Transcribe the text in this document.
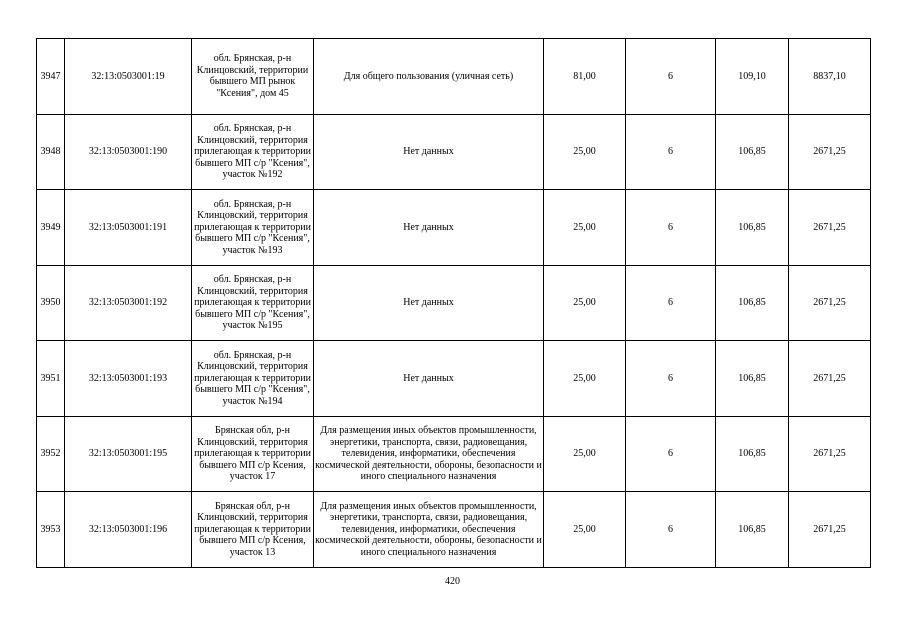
3947	32:13:0503001:19	обл. Брянская, р-н Клинцовский, территории бывшего МП рынок "Ксения", дом 45	Для общего пользования (уличная сеть)	81,00	6	109,10	8837,10
3948	32:13:0503001:190	обл. Брянская, р-н Клинцовский, территория прилегающая к территории бывшего МП с/р "Ксения", участок №192	Нет данных	25,00	6	106,85	2671,25
3949	32:13:0503001:191	обл. Брянская, р-н Клинцовский, территория прилегающая к территории бывшего МП с/р "Ксения", участок №193	Нет данных	25,00	6	106,85	2671,25
3950	32:13:0503001:192	обл. Брянская, р-н Клинцовский, территория прилегающая к территории бывшего МП с/р "Ксения", участок №195	Нет данных	25,00	6	106,85	2671,25
3951	32:13:0503001:193	обл. Брянская, р-н Клинцовский, территория прилегающая к территории бывшего МП с/р "Ксения", участок №194	Нет данных	25,00	6	106,85	2671,25
3952	32:13:0503001:195	Брянская обл, р-н Клинцовский, территория прилегающая к территории бывшего МП с/р Ксения, участок 17	Для размещения иных объектов промышленности, энергетики, транспорта, связи, радиовещания, телевидения, информатики, обеспечения космической деятельности, обороны, безопасности и иного специального назначения	25,00	6	106,85	2671,25
3953	32:13:0503001:196	Брянская обл, р-н Клинцовский, территория прилегающая к территории бывшего МП с/р Ксения, участок 13	Для размещения иных объектов промышленности, энергетики, транспорта, связи, радиовещания, телевидения, информатики, обеспечения космической деятельности, обороны, безопасности и иного специального назначения	25,00	6	106,85	2671,25
420
